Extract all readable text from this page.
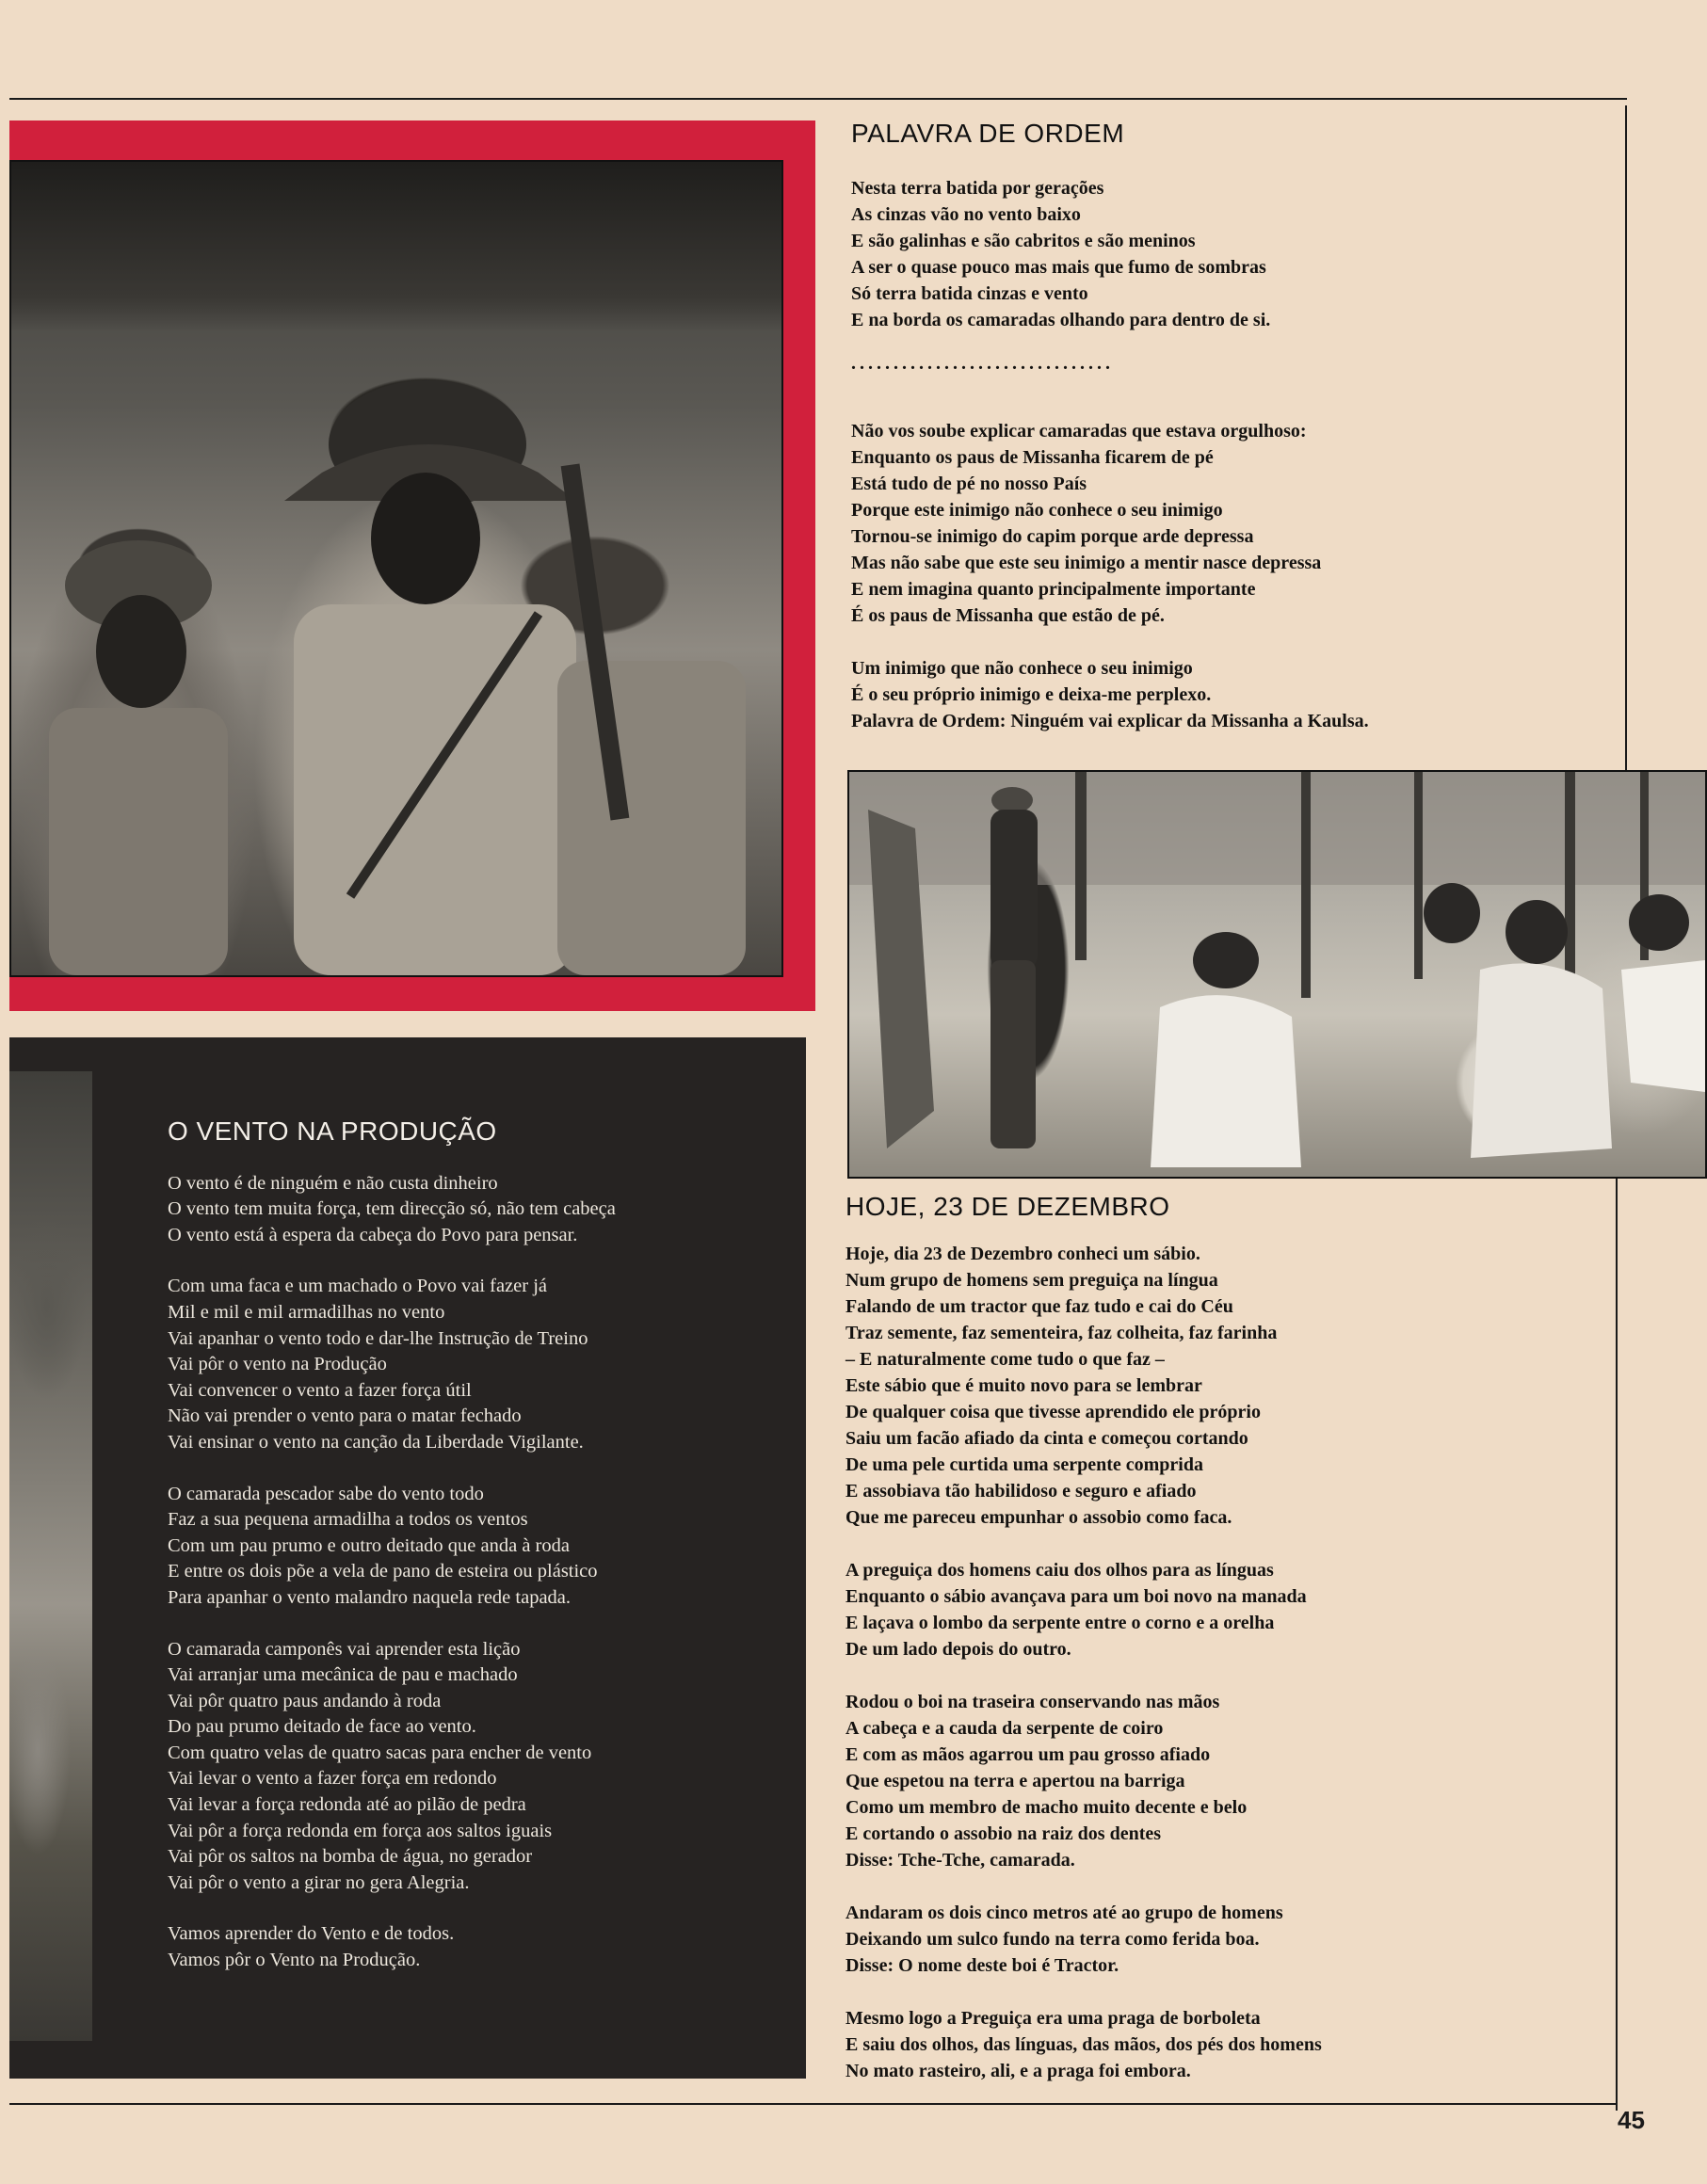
O VENTO NA PRODUÇÃO
O vento é de ninguém e não custa dinheiro
O vento tem muita força, tem direcção só, não tem cabeça
O vento está à espera da cabeça do Povo para pensar.
Com uma faca e um machado o Povo vai fazer já
Mil e mil e mil armadilhas no vento
Vai apanhar o vento todo e dar-lhe Instrução de Treino
Vai pôr o vento na Produção
Vai convencer o vento a fazer força útil
Não vai prender o vento para o matar fechado
Vai ensinar o vento na canção da Liberdade Vigilante.
O camarada pescador sabe do vento todo
Faz a sua pequena armadilha a todos os ventos
Com um pau prumo e outro deitado que anda à roda
E entre os dois põe a vela de pano de esteira ou plástico
Para apanhar o vento malandro naquela rede tapada.
O camarada camponês vai aprender esta lição
Vai arranjar uma mecânica de pau e machado
Vai pôr quatro paus andando à roda
Do pau prumo deitado de face ao vento.
Com quatro velas de quatro sacas para encher de vento
Vai levar o vento a fazer força em redondo
Vai levar a força redonda até ao pilão de pedra
Vai pôr a força redonda em força aos saltos iguais
Vai pôr os saltos na bomba de água, no gerador
Vai pôr o vento a girar no gera Alegria.
Vamos aprender do Vento e de todos.
Vamos pôr o Vento na Produção.
PALAVRA DE ORDEM
Nesta terra batida por gerações
As cinzas vão no vento baixo
E são galinhas e são cabritos e são meninos
A ser o quase pouco mas mais que fumo de sombras
Só terra batida cinzas e vento
E na borda os camaradas olhando para dentro de si.
...............................
Não vos soube explicar camaradas que estava orgulhoso:
Enquanto os paus de Missanha ficarem de pé
Está tudo de pé no nosso País
Porque este inimigo não conhece o seu inimigo
Tornou-se inimigo do capim porque arde depressa
Mas não sabe que este seu inimigo a mentir nasce depressa
E nem imagina quanto principalmente importante
É os paus de Missanha que estão de pé.
Um inimigo que não conhece o seu inimigo
É o seu próprio inimigo e deixa-me perplexo.
Palavra de Ordem: Ninguém vai explicar da Missanha a Kaulsa.
HOJE, 23 DE DEZEMBRO
Hoje, dia 23 de Dezembro conheci um sábio.
Num grupo de homens sem preguiça na língua
Falando de um tractor que faz tudo e cai do Céu
Traz semente, faz sementeira, faz colheita, faz farinha
– E naturalmente come tudo o que faz –
Este sábio que é muito novo para se lembrar
De qualquer coisa que tivesse aprendido ele próprio
Saiu um facão afiado da cinta e começou cortando
De uma pele curtida uma serpente comprida
E assobiava tão habilidoso e seguro e afiado
Que me pareceu empunhar o assobio como faca.
A preguiça dos homens caiu dos olhos para as línguas
Enquanto o sábio avançava para um boi novo na manada
E laçava o lombo da serpente entre o corno e a orelha
De um lado depois do outro.
Rodou o boi na traseira conservando nas mãos
A cabeça e a cauda da serpente de coiro
E com as mãos agarrou um pau grosso afiado
Que espetou na terra e apertou na barriga
Como um membro de macho muito decente e belo
E cortando o assobio na raiz dos dentes
Disse: Tche-Tche, camarada.
Andaram os dois cinco metros até ao grupo de homens
Deixando um sulco fundo na terra como ferida boa.
Disse: O nome deste boi é Tractor.
Mesmo logo a Preguiça era uma praga de borboleta
E saiu dos olhos, das línguas, das mãos, dos pés dos homens
No mato rasteiro, ali, e a praga foi embora.
45
